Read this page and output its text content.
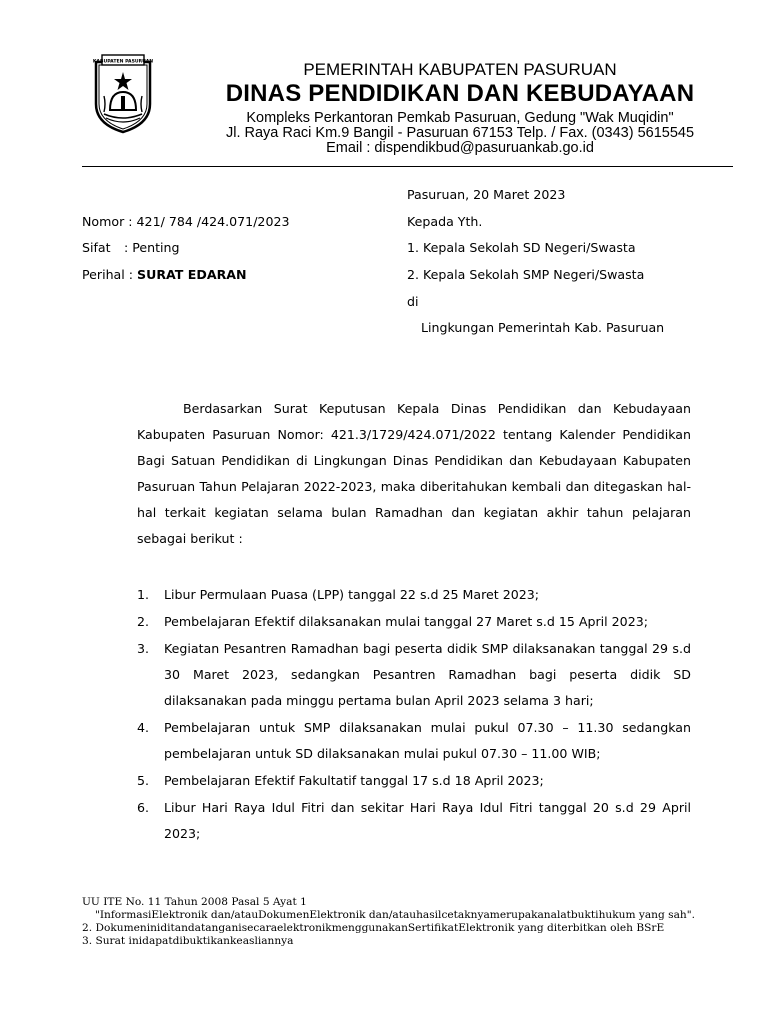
KABUPATEN PASURUAN	PEMERINTAH KABUPATEN PASURUAN
DINAS PENDIDIKAN DAN KEBUDAYAAN
Kompleks Perkantoran Pemkab Pasuruan, Gedung "Wak Muqidin"
Jl. Raya Raci Km.9 Bangil - Pasuruan 67153 Telp. / Fax. (0343) 5615545
Email : dispendikbud@pasuruankab.go.id
Pasuruan, 20 Maret 2023
Nomor : 421/ 784 /424.071/2023
Sifat : Penting
Perihal : SURAT EDARAN
Kepada Yth.
1. Kepala Sekolah SD Negeri/Swasta
2. Kepala Sekolah SMP Negeri/Swasta
di
Lingkungan Pemerintah Kab. Pasuruan
Berdasarkan Surat Keputusan Kepala Dinas Pendidikan dan Kebudayaan Kabupaten Pasuruan Nomor: 421.3/1729/424.071/2022 tentang Kalender Pendidikan Bagi Satuan Pendidikan di Lingkungan Dinas Pendidikan dan Kebudayaan Kabupaten Pasuruan Tahun Pelajaran 2022-2023, maka diberitahukan kembali dan ditegaskan hal-hal terkait kegiatan selama bulan Ramadhan dan kegiatan akhir tahun pelajaran sebagai berikut :
1. Libur Permulaan Puasa (LPP) tanggal 22 s.d 25 Maret 2023;
2. Pembelajaran Efektif dilaksanakan mulai tanggal 27 Maret s.d 15 April 2023;
3. Kegiatan Pesantren Ramadhan bagi peserta didik SMP dilaksanakan tanggal 29 s.d 30 Maret 2023, sedangkan Pesantren Ramadhan bagi peserta didik SD dilaksanakan pada minggu pertama bulan April 2023 selama 3 hari;
4. Pembelajaran untuk SMP dilaksanakan mulai pukul 07.30 – 11.30 sedangkan pembelajaran untuk SD dilaksanakan mulai pukul 07.30 – 11.00 WIB;
5. Pembelajaran Efektif Fakultatif tanggal 17 s.d 18 April 2023;
6. Libur Hari Raya Idul Fitri dan sekitar Hari Raya Idul Fitri tanggal 20 s.d 29 April 2023;
UU ITE No. 11 Tahun 2008 Pasal 5 Ayat 1
"InformasiElektronik dan/atauDokumenElektronik dan/atauhasilcetaknyamerupakanalatbuktihukum yang sah".
2. DokumeniniditandatanganisecaraelektronikmenggunakanSertifikatElektronik yang diterbitkan oleh BSrE
3. Surat inidapatdibuktikankeasliannya
